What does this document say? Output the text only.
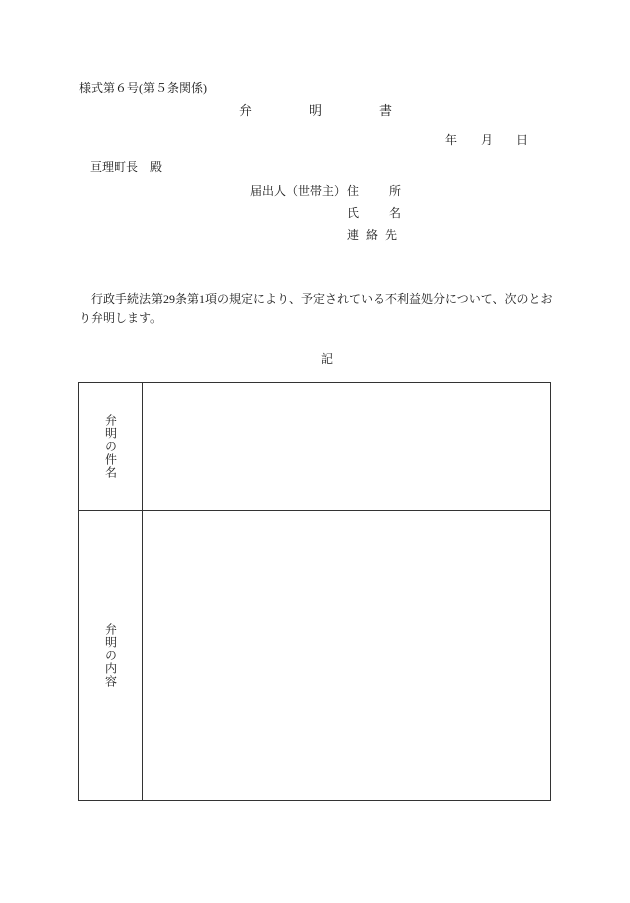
様式第６号(第５条関係)
弁	明	書
年 月 日
亘理町長　殿
届出人（世帯主） 住所
氏名
連絡先

行政手続法第29条第1項の規定により、予定されている不利益処分について、次のとおり弁明します。

記
弁明の件名
弁明の内容
